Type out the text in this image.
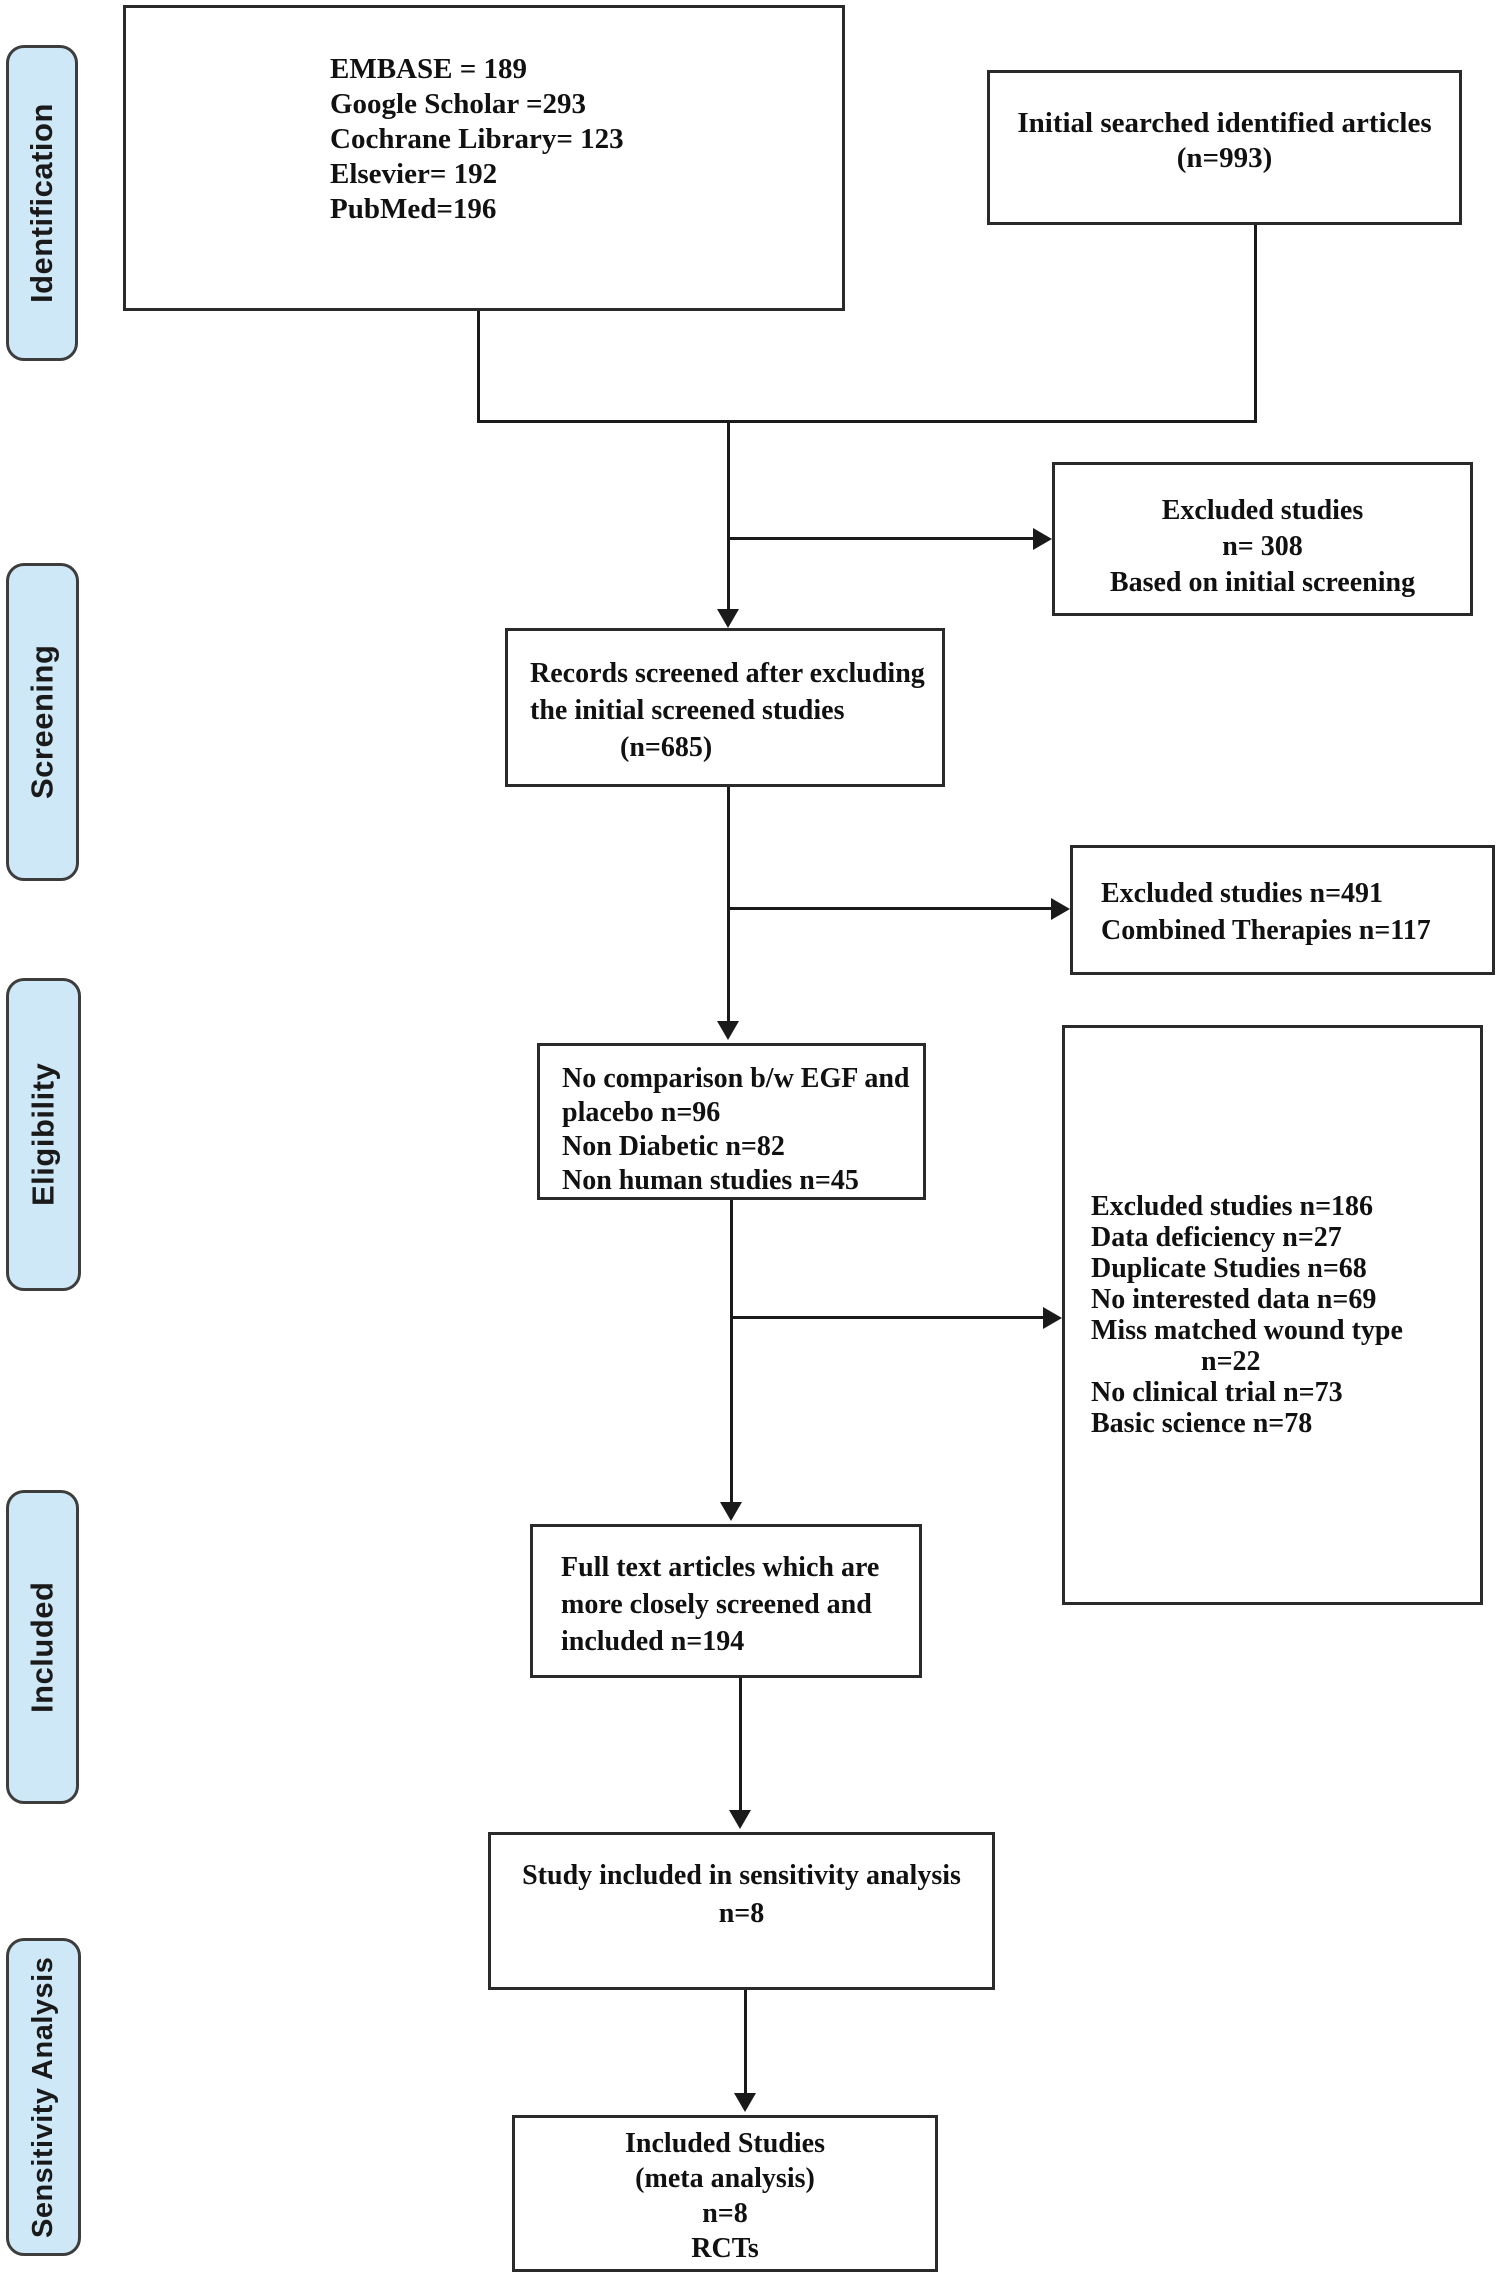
Identification
Screening
Eligibility
Included
Sensitivity Analysis
EMBASE = 189
Google Scholar =293
Cochrane Library= 123
Elsevier= 192
PubMed=196
Initial searched identified articles
(n=993)
Excluded studies
n= 308
Based on initial screening
Records screened after excluding
the initial screened studies
(n=685)
Excluded studies n=491
Combined Therapies n=117
No comparison b/w EGF and
placebo n=96
Non Diabetic n=82
Non human studies n=45
Excluded studies n=186
Data deficiency n=27
Duplicate Studies n=68
No interested data n=69
Miss matched wound type
n=22
No clinical trial n=73
Basic science n=78
Full text articles which are
more closely screened and
included n=194
Study included in sensitivity analysis
n=8
Included Studies
(meta analysis)
n=8
RCTs
